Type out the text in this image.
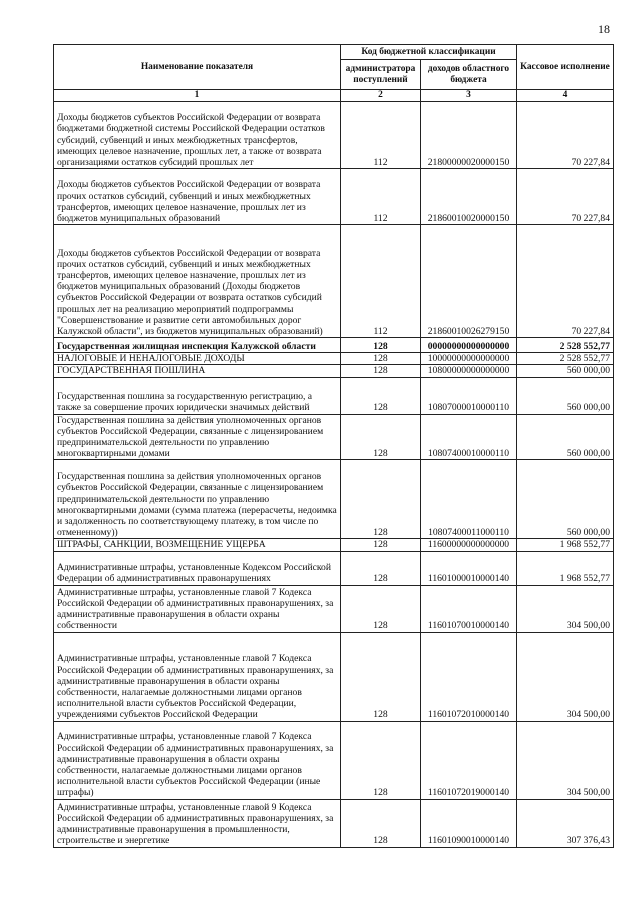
18
Наименование показателя	Код бюджетной классификации		Кассовое исполнение
	администратора поступлений	доходов областного бюджета	
1	2	3	4
Доходы бюджетов субъектов Российской Федерации от возврата бюджетами бюджетной системы Российской Федерации остатков субсидий, субвенций и иных межбюджетных трансфертов, имеющих целевое назначение, прошлых лет, а также от возврата организациями остатков субсидий прошлых лет	112	21800000020000150	70 227,84
Доходы бюджетов субъектов Российской Федерации от возврата прочих остатков субсидий, субвенций и иных межбюджетных трансфертов, имеющих целевое назначение, прошлых лет из бюджетов муниципальных образований	112	21860010020000150	70 227,84
Доходы бюджетов субъектов Российской Федерации от возврата прочих остатков субсидий, субвенций и иных межбюджетных трансфертов, имеющих целевое назначение, прошлых лет из бюджетов муниципальных образований (Доходы бюджетов субъектов Российской Федерации от возврата остатков субсидий прошлых лет на реализацию мероприятий подпрограммы "Совершенствование и развитие сети автомобильных дорог Калужской области", из бюджетов муниципальных образований)	112	21860010026279150	70 227,84
Государственная жилищная инспекция Калужской области	128	00000000000000000	2 528 552,77
НАЛОГОВЫЕ И НЕНАЛОГОВЫЕ ДОХОДЫ	128	10000000000000000	2 528 552,77
ГОСУДАРСТВЕННАЯ ПОШЛИНА	128	10800000000000000	560 000,00
Государственная пошлина за государственную регистрацию, а также за совершение прочих юридически значимых действий	128	10807000010000110	560 000,00
Государственная пошлина за действия уполномоченных органов субъектов Российской Федерации, связанные с лицензированием предпринимательской деятельности по управлению многоквартирными домами	128	10807400010000110	560 000,00
Государственная пошлина за действия уполномоченных органов субъектов Российской Федерации, связанные с лицензированием предпринимательской деятельности по управлению многоквартирными домами (сумма платежа (перерасчеты, недоимка и задолженность по соответствующему платежу, в том числе по отмененному))	128	10807400011000110	560 000,00
ШТРАФЫ, САНКЦИИ, ВОЗМЕЩЕНИЕ УЩЕРБА	128	11600000000000000	1 968 552,77
Административные штрафы, установленные Кодексом Российской Федерации об административных правонарушениях	128	11601000010000140	1 968 552,77
Административные штрафы, установленные главой 7 Кодекса Российской Федерации об административных правонарушениях, за административные правонарушения в области охраны собственности	128	11601070010000140	304 500,00
Административные штрафы, установленные главой 7 Кодекса Российской Федерации об административных правонарушениях, за административные правонарушения в области охраны собственности, налагаемые должностными лицами органов исполнительной власти субъектов Российской Федерации, учреждениями субъектов Российской Федерации	128	11601072010000140	304 500,00
Административные штрафы, установленные главой 7 Кодекса Российской Федерации об административных правонарушениях, за административные правонарушения в области охраны собственности, налагаемые должностными лицами органов исполнительной власти субъектов Российской Федерации (иные штрафы)	128	11601072019000140	304 500,00
Административные штрафы, установленные главой 9 Кодекса Российской Федерации об административных правонарушениях, за административные правонарушения в промышленности, строительстве и энергетике	128	11601090010000140	307 376,43
